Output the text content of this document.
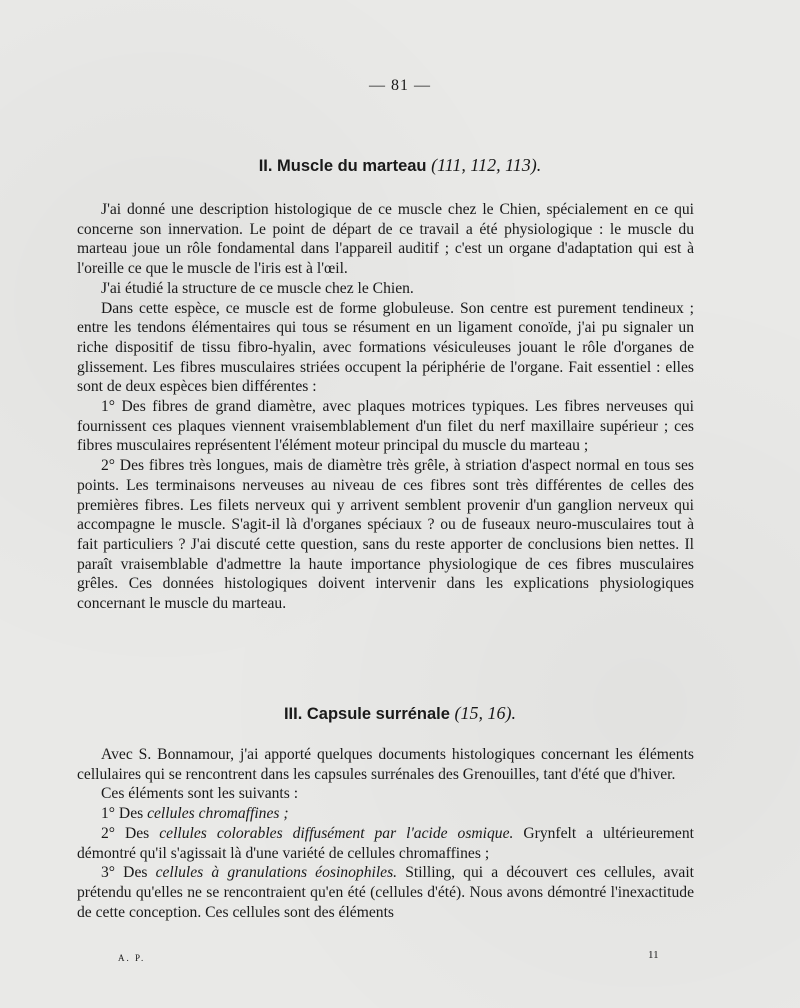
— 81 —
II. Muscle du marteau (111, 112, 113).

J'ai donné une description histologique de ce muscle chez le Chien, spécialement en ce qui concerne son innervation. Le point de départ de ce travail a été physiologique : le muscle du marteau joue un rôle fondamental dans l'appareil auditif ; c'est un organe d'adaptation qui est à l'oreille ce que le muscle de l'iris est à l'œil.

J'ai étudié la structure de ce muscle chez le Chien.

Dans cette espèce, ce muscle est de forme globuleuse. Son centre est purement tendineux ; entre les tendons élémentaires qui tous se résument en un ligament conoïde, j'ai pu signaler un riche dispositif de tissu fibro-hyalin, avec formations vésiculeuses jouant le rôle d'organes de glissement. Les fibres musculaires striées occupent la périphérie de l'organe. Fait essentiel : elles sont de deux espèces bien différentes :

1° Des fibres de grand diamètre, avec plaques motrices typiques. Les fibres nerveuses qui fournissent ces plaques viennent vraisemblablement d'un filet du nerf maxillaire supérieur ; ces fibres musculaires représentent l'élément moteur principal du muscle du marteau ;

2° Des fibres très longues, mais de diamètre très grêle, à striation d'aspect normal en tous ses points. Les terminaisons nerveuses au niveau de ces fibres sont très différentes de celles des premières fibres. Les filets nerveux qui y arrivent semblent provenir d'un ganglion nerveux qui accompagne le muscle. S'agit-il là d'organes spéciaux ? ou de fuseaux neuro-musculaires tout à fait particuliers ? J'ai discuté cette question, sans du reste apporter de conclusions bien nettes. Il paraît vraisemblable d'admettre la haute importance physiologique de ces fibres musculaires grêles. Ces données histologiques doivent intervenir dans les explications physiologiques concernant le muscle du marteau.

III. Capsule surrénale (15, 16).

Avec S. Bonnamour, j'ai apporté quelques documents histologiques concernant les éléments cellulaires qui se rencontrent dans les capsules surrénales des Grenouilles, tant d'été que d'hiver.

Ces éléments sont les suivants :

1° Des cellules chromaffines ;

2° Des cellules colorables diffusément par l'acide osmique. Grynfelt a ultérieurement démontré qu'il s'agissait là d'une variété de cellules chromaffines ;

3° Des cellules à granulations éosinophiles. Stilling, qui a découvert ces cellules, avait prétendu qu'elles ne se rencontraient qu'en été (cellules d'été). Nous avons démontré l'inexactitude de cette conception. Ces cellules sont des éléments

A. P.	11
